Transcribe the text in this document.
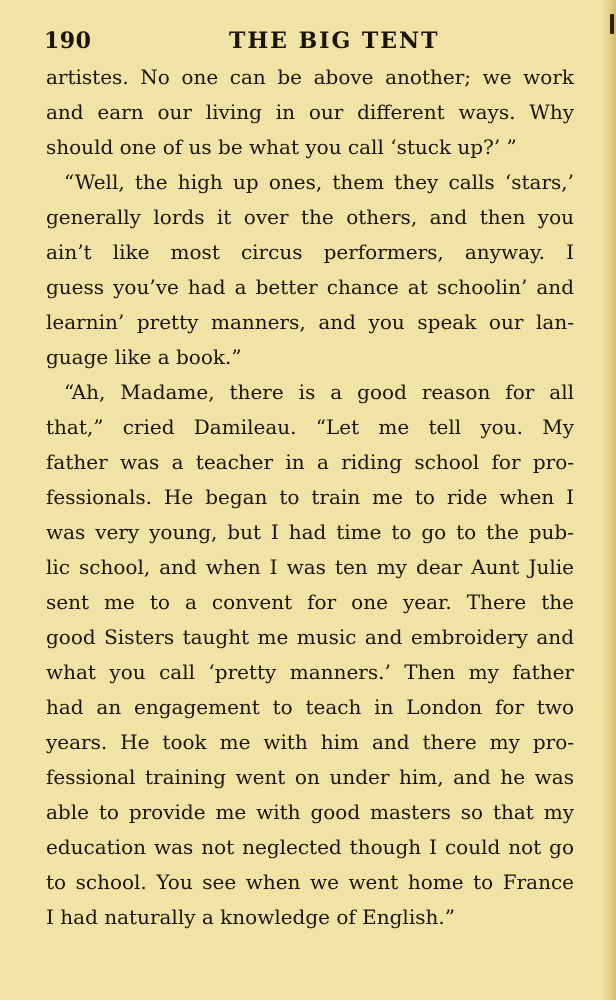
190	THE BIG TENT
artistes. No one can be above another; we work
and earn our living in our different ways. Why
should one of us be what you call ‘stuck up?’ ”
“Well, the high up ones, them they calls ‘stars,’
generally lords it over the others, and then you
ain’t like most circus performers, anyway. I
guess you’ve had a better chance at schoolin’ and
learnin’ pretty manners, and you speak our lan-
guage like a book.”
“Ah, Madame, there is a good reason for all
that,” cried Damileau. “Let me tell you. My
father was a teacher in a riding school for pro-
fessionals. He began to train me to ride when I
was very young, but I had time to go to the pub-
lic school, and when I was ten my dear Aunt Julie
sent me to a convent for one year. There the
good Sisters taught me music and embroidery and
what you call ‘pretty manners.’ Then my father
had an engagement to teach in London for two
years. He took me with him and there my pro-
fessional training went on under him, and he was
able to provide me with good masters so that my
education was not neglected though I could not go
to school. You see when we went home to France
I had naturally a knowledge of English.”
